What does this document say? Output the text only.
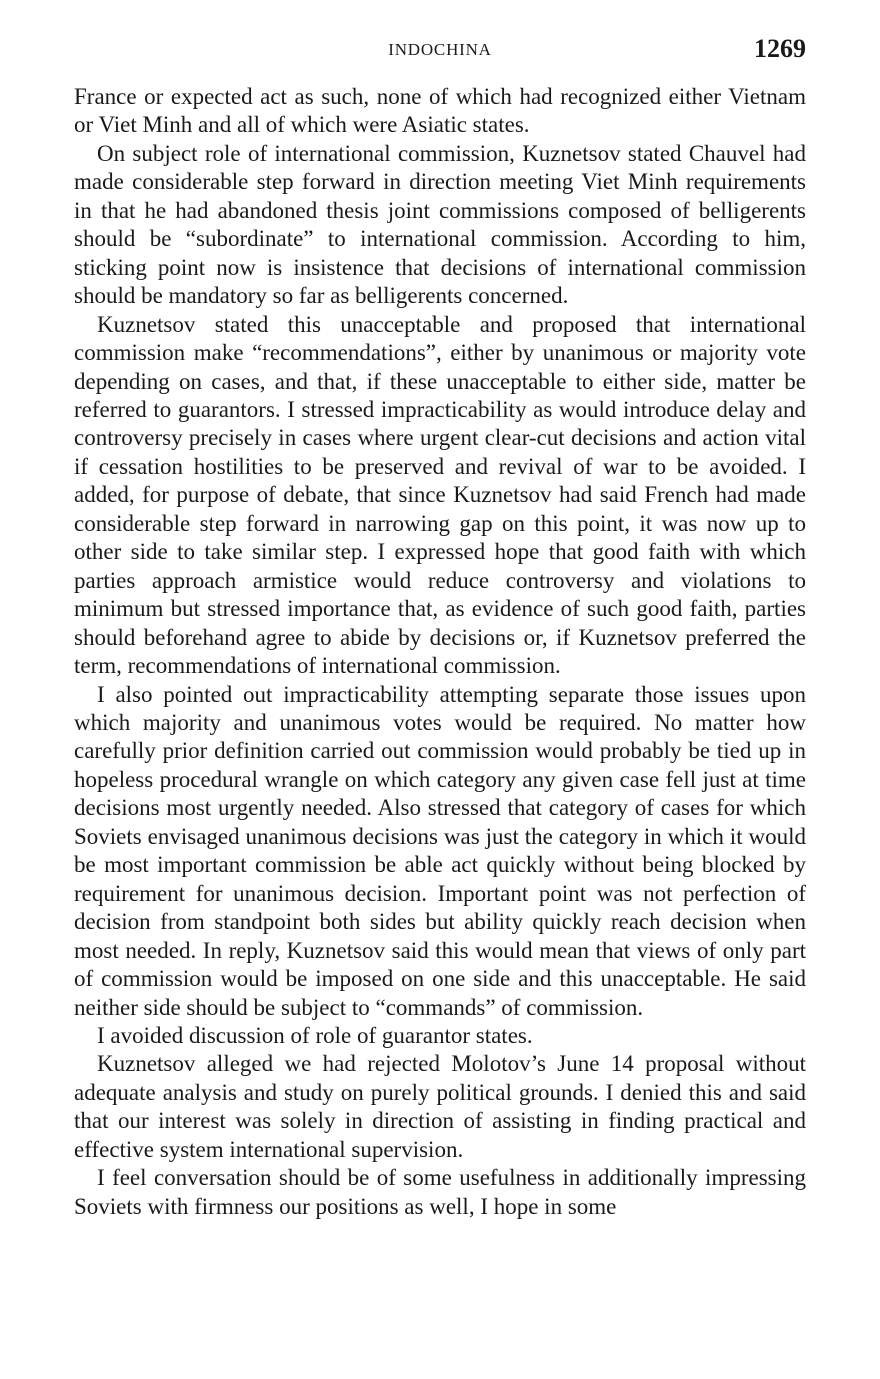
INDOCHINA	1269

France or expected act as such, none of which had recognized either Vietnam or Viet Minh and all of which were Asiatic states.

On subject role of international commission, Kuznetsov stated Chauvel had made considerable step forward in direction meeting Viet Minh requirements in that he had abandoned thesis joint commissions composed of belligerents should be “subordinate” to international commission. According to him, sticking point now is insistence that decisions of international commission should be mandatory so far as belligerents concerned.

Kuznetsov stated this unacceptable and proposed that international commission make “recommendations”, either by unanimous or majority vote depending on cases, and that, if these unacceptable to either side, matter be referred to guarantors. I stressed impracticability as would introduce delay and controversy precisely in cases where urgent clear-cut decisions and action vital if cessation hostilities to be preserved and revival of war to be avoided. I added, for purpose of debate, that since Kuznetsov had said French had made considerable step forward in narrowing gap on this point, it was now up to other side to take similar step. I expressed hope that good faith with which parties approach armistice would reduce controversy and violations to minimum but stressed importance that, as evidence of such good faith, parties should beforehand agree to abide by decisions or, if Kuznetsov preferred the term, recommendations of international commission.

I also pointed out impracticability attempting separate those issues upon which majority and unanimous votes would be required. No matter how carefully prior definition carried out commission would probably be tied up in hopeless procedural wrangle on which category any given case fell just at time decisions most urgently needed. Also stressed that category of cases for which Soviets envisaged unanimous decisions was just the category in which it would be most important commission be able act quickly without being blocked by requirement for unanimous decision. Important point was not perfection of decision from standpoint both sides but ability quickly reach decision when most needed. In reply, Kuznetsov said this would mean that views of only part of commission would be imposed on one side and this unacceptable. He said neither side should be subject to “commands” of commission.

I avoided discussion of role of guarantor states.

Kuznetsov alleged we had rejected Molotov’s June 14 proposal without adequate analysis and study on purely political grounds. I denied this and said that our interest was solely in direction of assisting in finding practical and effective system international supervision.

I feel conversation should be of some usefulness in additionally impressing Soviets with firmness our positions as well, I hope in some
